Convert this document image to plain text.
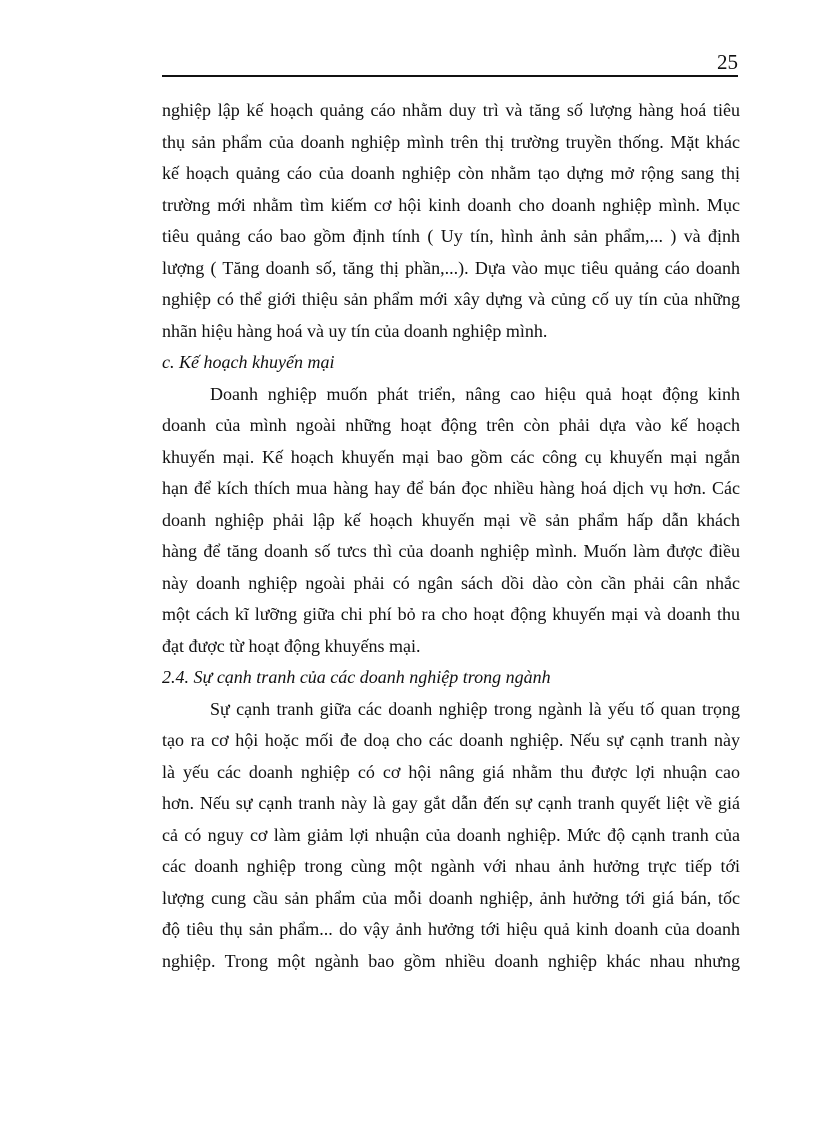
25
nghiệp lập kế hoạch quảng cáo nhằm duy trì và tăng số lượng hàng hoá tiêu
thụ sản phẩm của doanh nghiệp mình trên thị trường truyền thống. Mặt khác
kế hoạch quảng cáo của doanh nghiệp còn nhằm tạo dựng mở rộng sang thị
trường mới nhằm tìm kiếm cơ hội kinh doanh cho doanh nghiệp mình. Mục
tiêu quảng cáo bao gồm định tính ( Uy tín, hình ảnh sản phẩm,... ) và định
lượng ( Tăng doanh số, tăng thị phần,...). Dựa vào mục tiêu quảng cáo doanh
nghiệp có thể giới thiệu sản phẩm mới xây dựng và củng cố uy tín của những
nhãn hiệu hàng hoá và uy tín của doanh nghiệp mình.
c. Kế hoạch khuyến mại
Doanh nghiệp muốn phát triển, nâng cao hiệu quả hoạt động kinh
doanh của mình ngoài những hoạt động trên còn phải dựa vào kế hoạch
khuyến mại. Kế hoạch khuyến mại bao gồm các công cụ khuyến mại ngắn
hạn để kích thích mua hàng hay để bán đọc nhiều hàng hoá dịch vụ hơn. Các
doanh nghiệp phải lập kế hoạch khuyến mại về sản phẩm hấp dẫn khách
hàng để tăng doanh số tưcs thì của doanh nghiệp mình. Muốn làm được điều
này doanh nghiệp ngoài phải có ngân sách dồi dào còn cần phải cân nhắc
một cách kĩ lưỡng giữa chi phí bỏ ra cho hoạt động khuyến mại và doanh thu
đạt được từ hoạt động khuyếns mại.
2.4. Sự cạnh tranh của các doanh nghiệp trong ngành
Sự cạnh tranh giữa các doanh nghiệp trong ngành là yếu tố quan trọng
tạo ra cơ hội hoặc mối đe doạ cho các doanh nghiệp. Nếu sự cạnh tranh này
là yếu các doanh nghiệp có cơ hội nâng giá nhằm thu được lợi nhuận cao
hơn. Nếu sự cạnh tranh này là gay gắt dẫn đến sự cạnh tranh quyết liệt về giá
cả có nguy cơ làm giảm lợi nhuận của doanh nghiệp. Mức độ cạnh tranh của
các doanh nghiệp trong cùng một ngành với nhau ảnh hưởng trực tiếp tới
lượng cung cầu sản phẩm của mỗi doanh nghiệp, ảnh hưởng tới giá bán, tốc
độ tiêu thụ sản phẩm... do vậy ảnh hưởng tới hiệu quả kinh doanh của doanh
nghiệp. Trong một ngành bao gồm nhiều doanh nghiệp khác nhau nhưng
